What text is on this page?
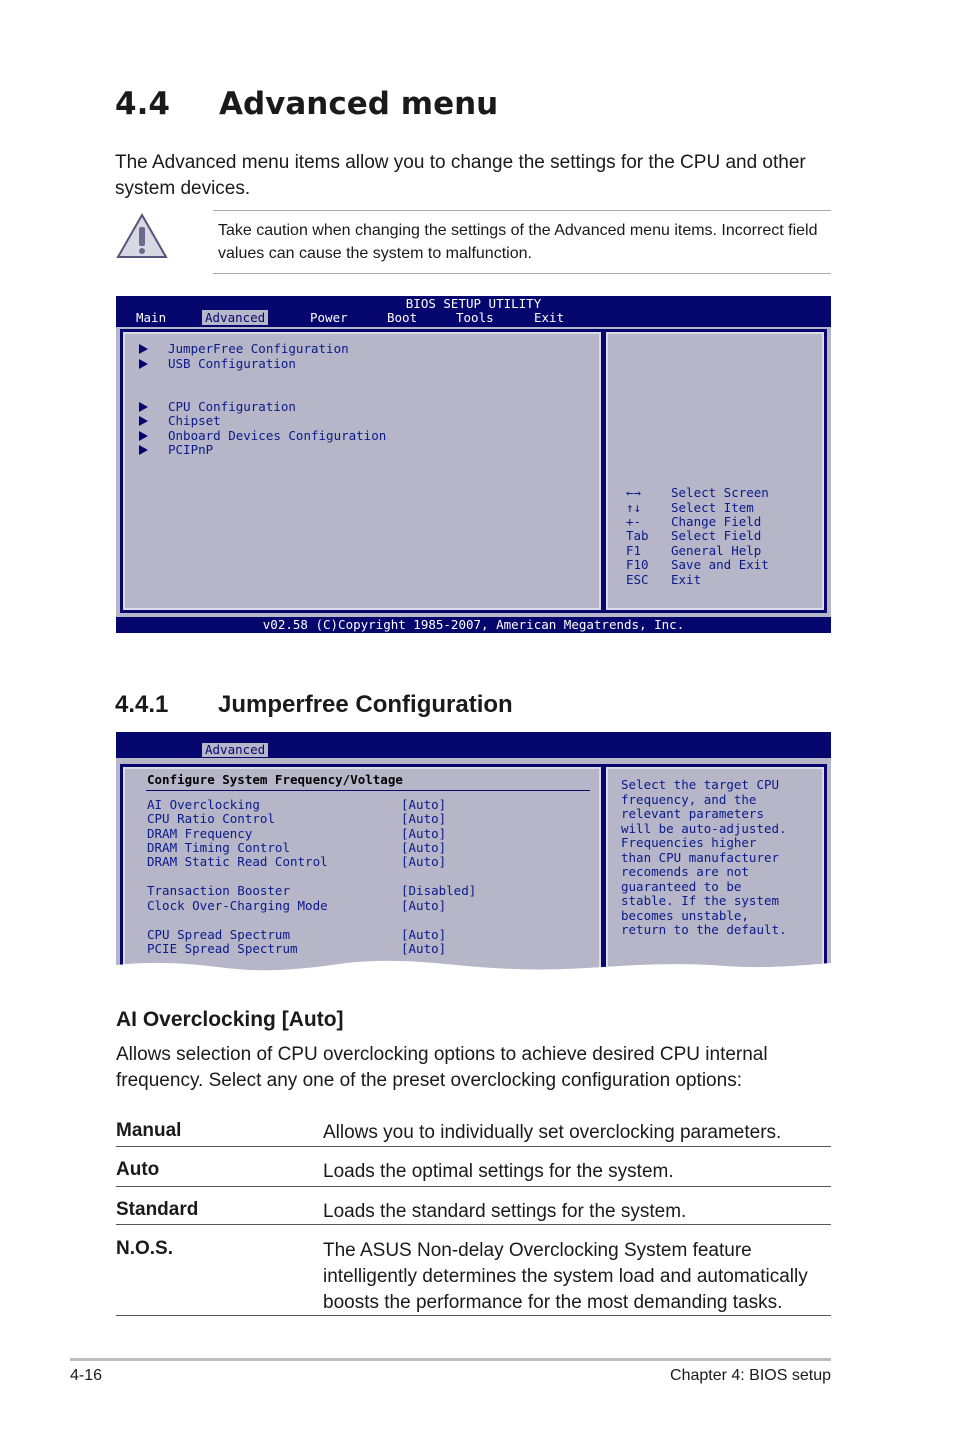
4.4 Advanced menu
The Advanced menu items allow you to change the settings for the CPU and other system devices.
Take caution when changing the settings of the Advanced menu items. Incorrect field values can cause the system to malfunction.
BIOS SETUP UTILITY
Main	Advanced	Power	Boot	Tools	Exit
JumperFree Configuration
USB Configuration
CPU Configuration
Chipset
Onboard Devices Configuration
PCIPnP
←→ Select Screen
↑↓ Select Item
+- Change Field
Tab Select Field
F1 General Help
F10 Save and Exit
ESC Exit
v02.58 (C)Copyright 1985-2007, American Megatrends, Inc.
4.4.1 Jumperfree Configuration
Advanced
Configure System Frequency/Voltage
AI Overclocking	[Auto]
CPU Ratio Control	[Auto]
DRAM Frequency	[Auto]
DRAM Timing Control	[Auto]
DRAM Static Read Control	[Auto]
Transaction Booster	[Disabled]
Clock Over-Charging Mode	[Auto]
CPU Spread Spectrum	[Auto]
PCIE Spread Spectrum	[Auto]
Select the target CPU
frequency, and the
relevant parameters
will be auto-adjusted.
Frequencies higher
than CPU manufacturer
recomends are not
guaranteed to be
stable. If the system
becomes unstable,
return to the default.
AI Overclocking [Auto]
Allows selection of CPU overclocking options to achieve desired CPU internal frequency. Select any one of the preset overclocking configuration options:
Manual	Allows you to individually set overclocking parameters.
Auto	Loads the optimal settings for the system.
Standard	Loads the standard settings for the system.
N.O.S.	The ASUS Non-delay Overclocking System feature intelligently determines the system load and automatically boosts the performance for the most demanding tasks.
4-16	Chapter 4: BIOS setup
